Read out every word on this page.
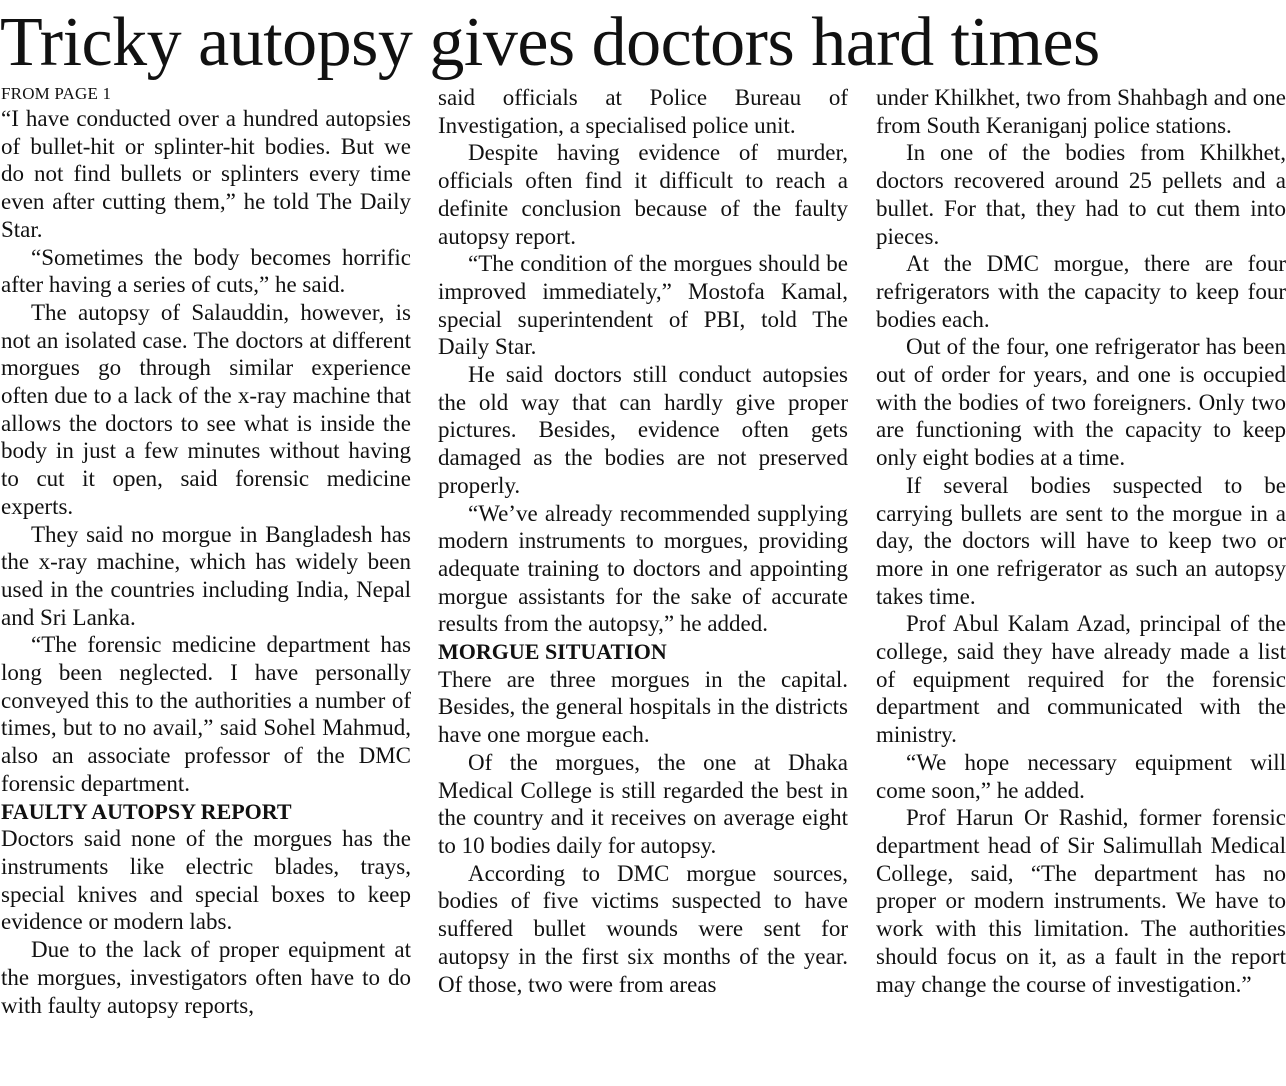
Tricky autopsy gives doctors hard times
FROM PAGE 1

“I have conducted over a hundred autopsies of bullet-hit or splinter-hit bodies. But we do not find bullets or splinters every time even after cutting them,” he told The Daily Star.

“Sometimes the body becomes horrific after having a series of cuts,” he said.

The autopsy of Salauddin, however, is not an isolated case. The doctors at different morgues go through similar experience often due to a lack of the x-ray machine that allows the doctors to see what is inside the body in just a few minutes without having to cut it open, said forensic medicine experts.

They said no morgue in Bangladesh has the x-ray machine, which has widely been used in the countries including India, Nepal and Sri Lanka.

“The forensic medicine department has long been neglected. I have personally conveyed this to the authorities a number of times, but to no avail,” said Sohel Mahmud, also an associate professor of the DMC forensic department.

FAULTY AUTOPSY REPORT

Doctors said none of the morgues has the instruments like electric blades, trays, special knives and special boxes to keep evidence or modern labs.

Due to the lack of proper equipment at the morgues, investigators often have to do with faulty autopsy reports,

said officials at Police Bureau of Investigation, a specialised police unit.

Despite having evidence of murder, officials often find it difficult to reach a definite conclusion because of the faulty autopsy report.

“The condition of the morgues should be improved immediately,” Mostofa Kamal, special superintendent of PBI, told The Daily Star.

He said doctors still conduct autopsies the old way that can hardly give proper pictures. Besides, evidence often gets damaged as the bodies are not preserved properly.

“We’ve already recommended supplying modern instruments to morgues, providing adequate training to doctors and appointing morgue assistants for the sake of accurate results from the autopsy,” he added.

MORGUE SITUATION

There are three morgues in the capital. Besides, the general hospitals in the districts have one morgue each.

Of the morgues, the one at Dhaka Medical College is still regarded the best in the country and it receives on average eight to 10 bodies daily for autopsy.

According to DMC morgue sources, bodies of five victims suspected to have suffered bullet wounds were sent for autopsy in the first six months of the year. Of those, two were from areas

under Khilkhet, two from Shahbagh and one from South Keraniganj police stations.

In one of the bodies from Khilkhet, doctors recovered around 25 pellets and a bullet. For that, they had to cut them into pieces.

At the DMC morgue, there are four refrigerators with the capacity to keep four bodies each.

Out of the four, one refrigerator has been out of order for years, and one is occupied with the bodies of two foreigners. Only two are functioning with the capacity to keep only eight bodies at a time.

If several bodies suspected to be carrying bullets are sent to the morgue in a day, the doctors will have to keep two or more in one refrigerator as such an autopsy takes time.

Prof Abul Kalam Azad, principal of the college, said they have already made a list of equipment required for the forensic department and communicated with the ministry.

“We hope necessary equipment will come soon,” he added.

Prof Harun Or Rashid, former forensic department head of Sir Salimullah Medical College, said, “The department has no proper or modern instruments. We have to work with this limitation. The authorities should focus on it, as a fault in the report may change the course of investigation.”
